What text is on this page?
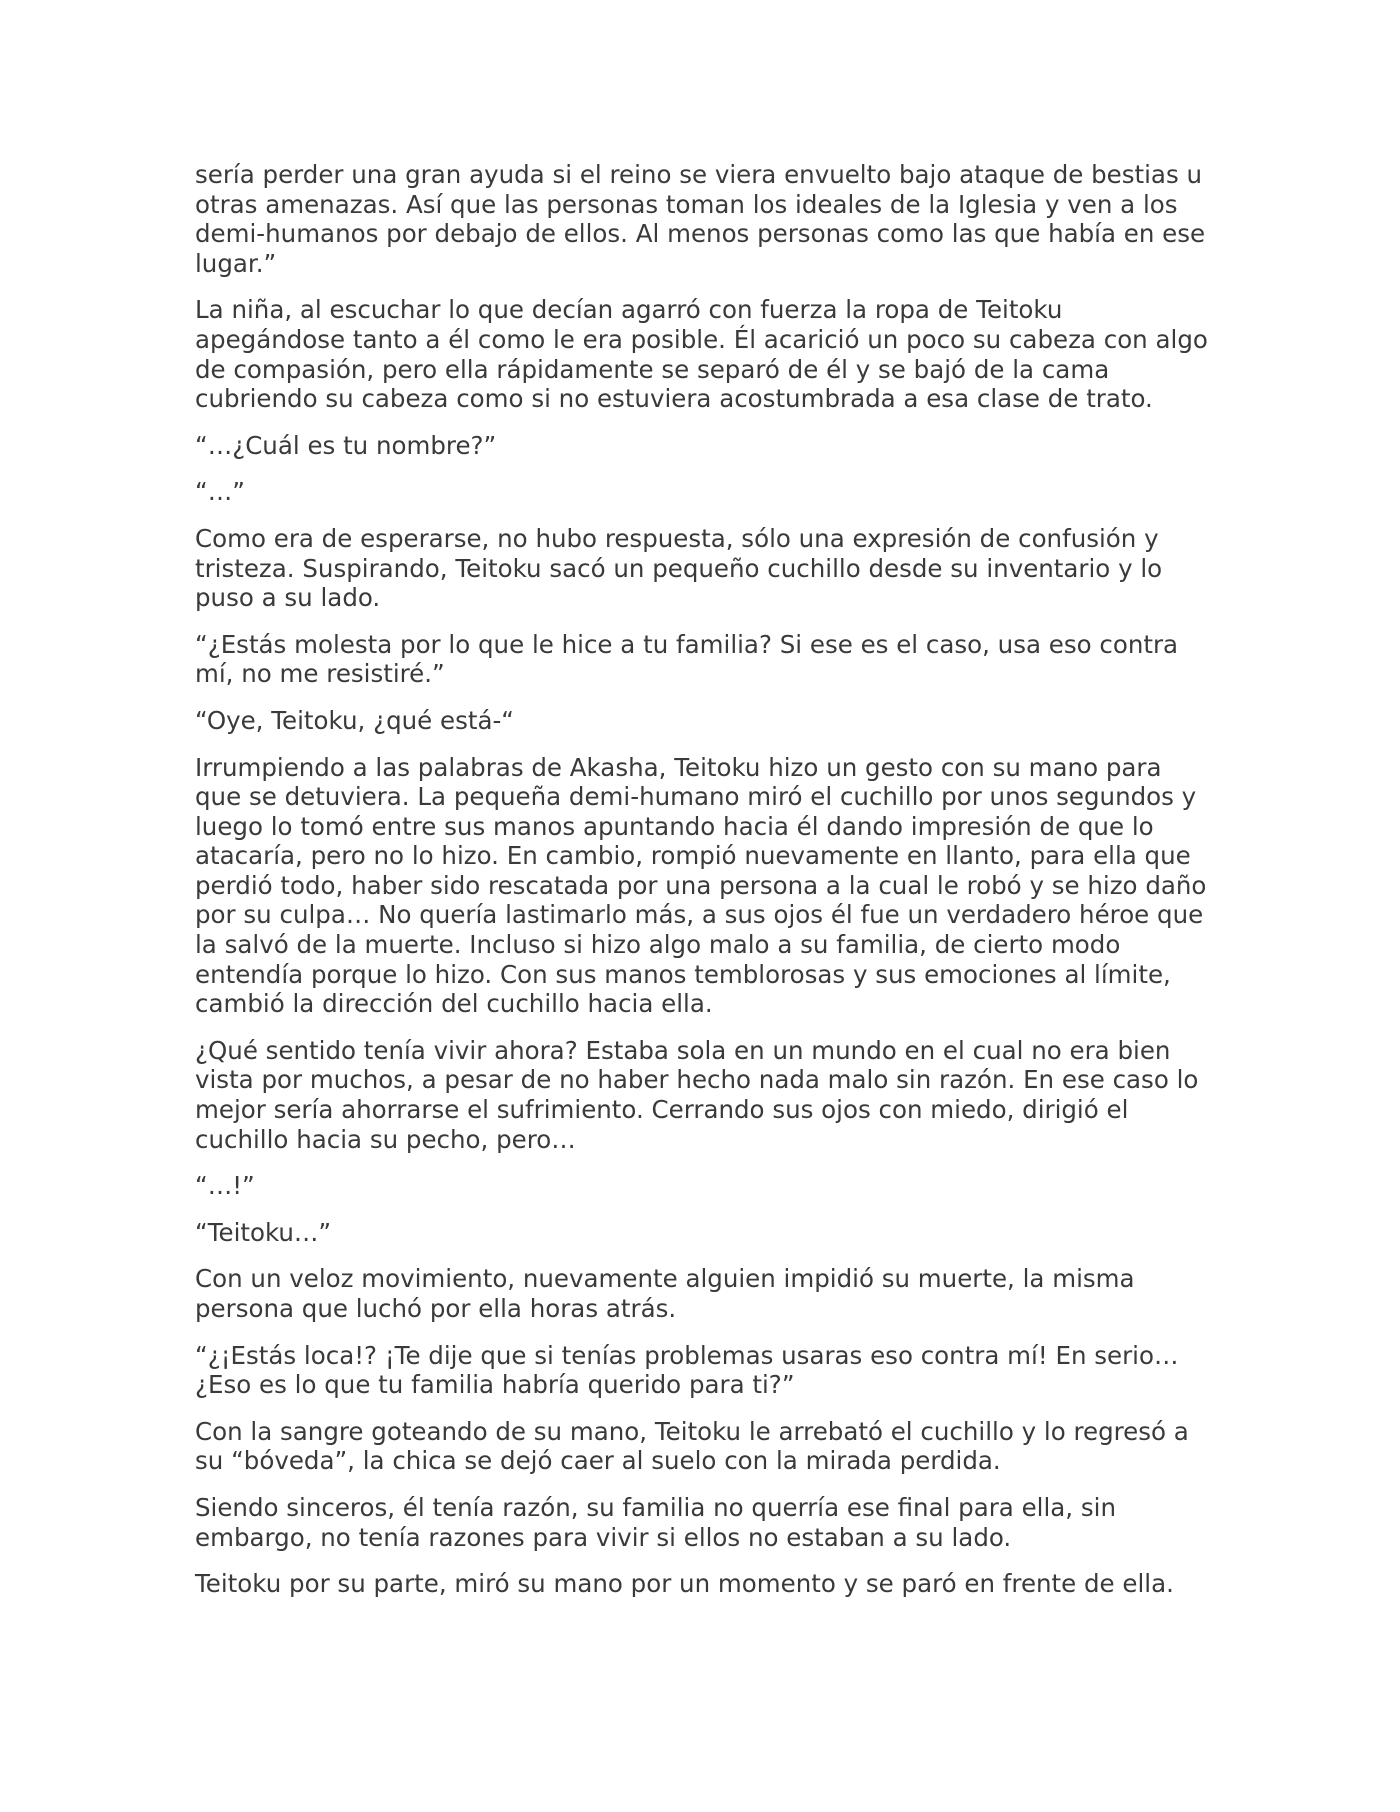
sería perder una gran ayuda si el reino se viera envuelto bajo ataque de bestias u otras amenazas. Así que las personas toman los ideales de la Iglesia y ven a los demi-humanos por debajo de ellos. Al menos personas como las que había en ese lugar.”

La niña, al escuchar lo que decían agarró con fuerza la ropa de Teitoku apegándose tanto a él como le era posible. Él acarició un poco su cabeza con algo de compasión, pero ella rápidamente se separó de él y se bajó de la cama cubriendo su cabeza como si no estuviera acostumbrada a esa clase de trato.

“…¿Cuál es tu nombre?”

“…”

Como era de esperarse, no hubo respuesta, sólo una expresión de confusión y tristeza. Suspirando, Teitoku sacó un pequeño cuchillo desde su inventario y lo puso a su lado.

“¿Estás molesta por lo que le hice a tu familia? Si ese es el caso, usa eso contra mí, no me resistiré.”

“Oye, Teitoku, ¿qué está-“

Irrumpiendo a las palabras de Akasha, Teitoku hizo un gesto con su mano para que se detuviera. La pequeña demi-humano miró el cuchillo por unos segundos y luego lo tomó entre sus manos apuntando hacia él dando impresión de que lo atacaría, pero no lo hizo. En cambio, rompió nuevamente en llanto, para ella que perdió todo, haber sido rescatada por una persona a la cual le robó y se hizo daño por su culpa… No quería lastimarlo más, a sus ojos él fue un verdadero héroe que la salvó de la muerte. Incluso si hizo algo malo a su familia, de cierto modo entendía porque lo hizo. Con sus manos temblorosas y sus emociones al límite, cambió la dirección del cuchillo hacia ella.

¿Qué sentido tenía vivir ahora? Estaba sola en un mundo en el cual no era bien vista por muchos, a pesar de no haber hecho nada malo sin razón. En ese caso lo mejor sería ahorrarse el sufrimiento. Cerrando sus ojos con miedo, dirigió el cuchillo hacia su pecho, pero…

“…!”

“Teitoku…”

Con un veloz movimiento, nuevamente alguien impidió su muerte, la misma persona que luchó por ella horas atrás.

“¿¡Estás loca!? ¡Te dije que si tenías problemas usaras eso contra mí! En serio… ¿Eso es lo que tu familia habría querido para ti?”

Con la sangre goteando de su mano, Teitoku le arrebató el cuchillo y lo regresó a su “bóveda”, la chica se dejó caer al suelo con la mirada perdida.

Siendo sinceros, él tenía razón, su familia no querría ese final para ella, sin embargo, no tenía razones para vivir si ellos no estaban a su lado.

Teitoku por su parte, miró su mano por un momento y se paró en frente de ella.
